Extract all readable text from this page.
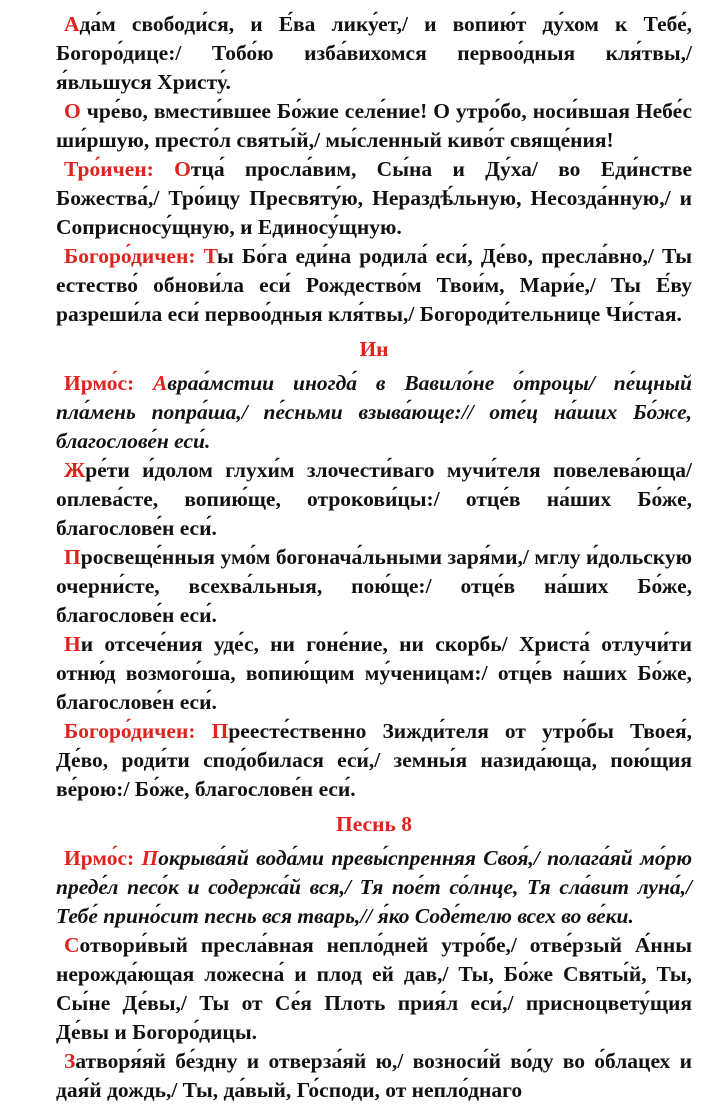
Ада́м свободи́ся, и Е́ва лику́ет,/ и вопию́т ду́хом к Тебе́, Богоро́дице:/ Тобо́ю изба́вихомся первоо́дныя кля́твы,/ я́вльшуся Христу́.

О чре́во, вмести́вшее Бо́жие селе́ние! О утро́бо, носи́вшая Небе́с ши́ршую, престо́л святы́й,/ мы́сленный киво́т свяще́ния!

Тро́ичен: Отца́ просла́вим, Сы́на и Ду́ха/ во Еди́нстве Божества́,/ Тро́ицу Пресвяту́ю, Нераздѣ́льную, Несозда́нную,/ и Соприсносу́щную, и Единосу́щную.

Богоро́дичен: Ты Бо́га еди́на родила́ еси́, Де́во, пресла́вно,/ Ты естество́ обнови́ла еси́ Рождество́м Твои́м, Мари́е,/ Ты Е́ву разреши́ла еси́ первоо́дныя кля́твы,/ Богороди́тельнице Чи́стая.

Ин

Ирмо́с: Авраа́мстии иногда́ в Вавило́не о́троцы/ пе́щный пла́мень попра́ша,/ пе́сньми взыва́юще:// оте́ц на́ших Бо́же, благослове́н еси́.

Жре́ти и́долом глухи́м злочести́ваго мучи́теля повелева́юща/ оплева́сте, вопию́ще, отрокови́цы:/ отце́в на́ших Бо́же, благослове́н еси́.

Просвеще́нныя умо́м богонача́льными заря́ми,/ мглу и́дольскую очерни́сте, всехва́льныя, пою́ще:/ отце́в на́ших Бо́же, благослове́н еси́.

Ни отсече́ния уде́с, ни гоне́ние, ни скорбь/ Христа́ отлучи́ти отню́д возмого́ша, вопию́щим му́ченицам:/ отце́в на́ших Бо́же, благослове́н еси́.

Богоро́дичен: Преесте́ственно Зижди́теля от утро́бы Твоея́, Де́во, роди́ти спод́обилася еси́,/ земны́я назида́юща, пою́щия ве́рою:/ Бо́же, благослове́н еси́.

Песнь 8

Ирмо́с: Покрыва́яй вода́ми превы́спренняя Своя́,/ полага́яй мо́рю преде́л песо́к и содержа́й вся,/ Тя пое́т со́лнце, Тя сла́вит луна́,/ Тебе́ прино́сит песнь вся тварь,// я́ко Соде́телю всех во ве́ки.

Сотвори́вый пресла́вная непло́дней утро́бе,/ отве́рзый А́нны нерожда́ющая ложесна́ и плод ей дав,/ Ты, Бо́же Святы́й, Ты, Сы́не Де́вы,/ Ты от Се́я Плоть прия́л еси́,/ присноцвету́щия Де́вы и Богоро́дицы.

Затворя́яй бе́здну и отверза́яй ю,/ возноси́й во́ду во о́блацех и дая́й дождь,/ Ты, да́вый, Го́споди, от непло́днаго
